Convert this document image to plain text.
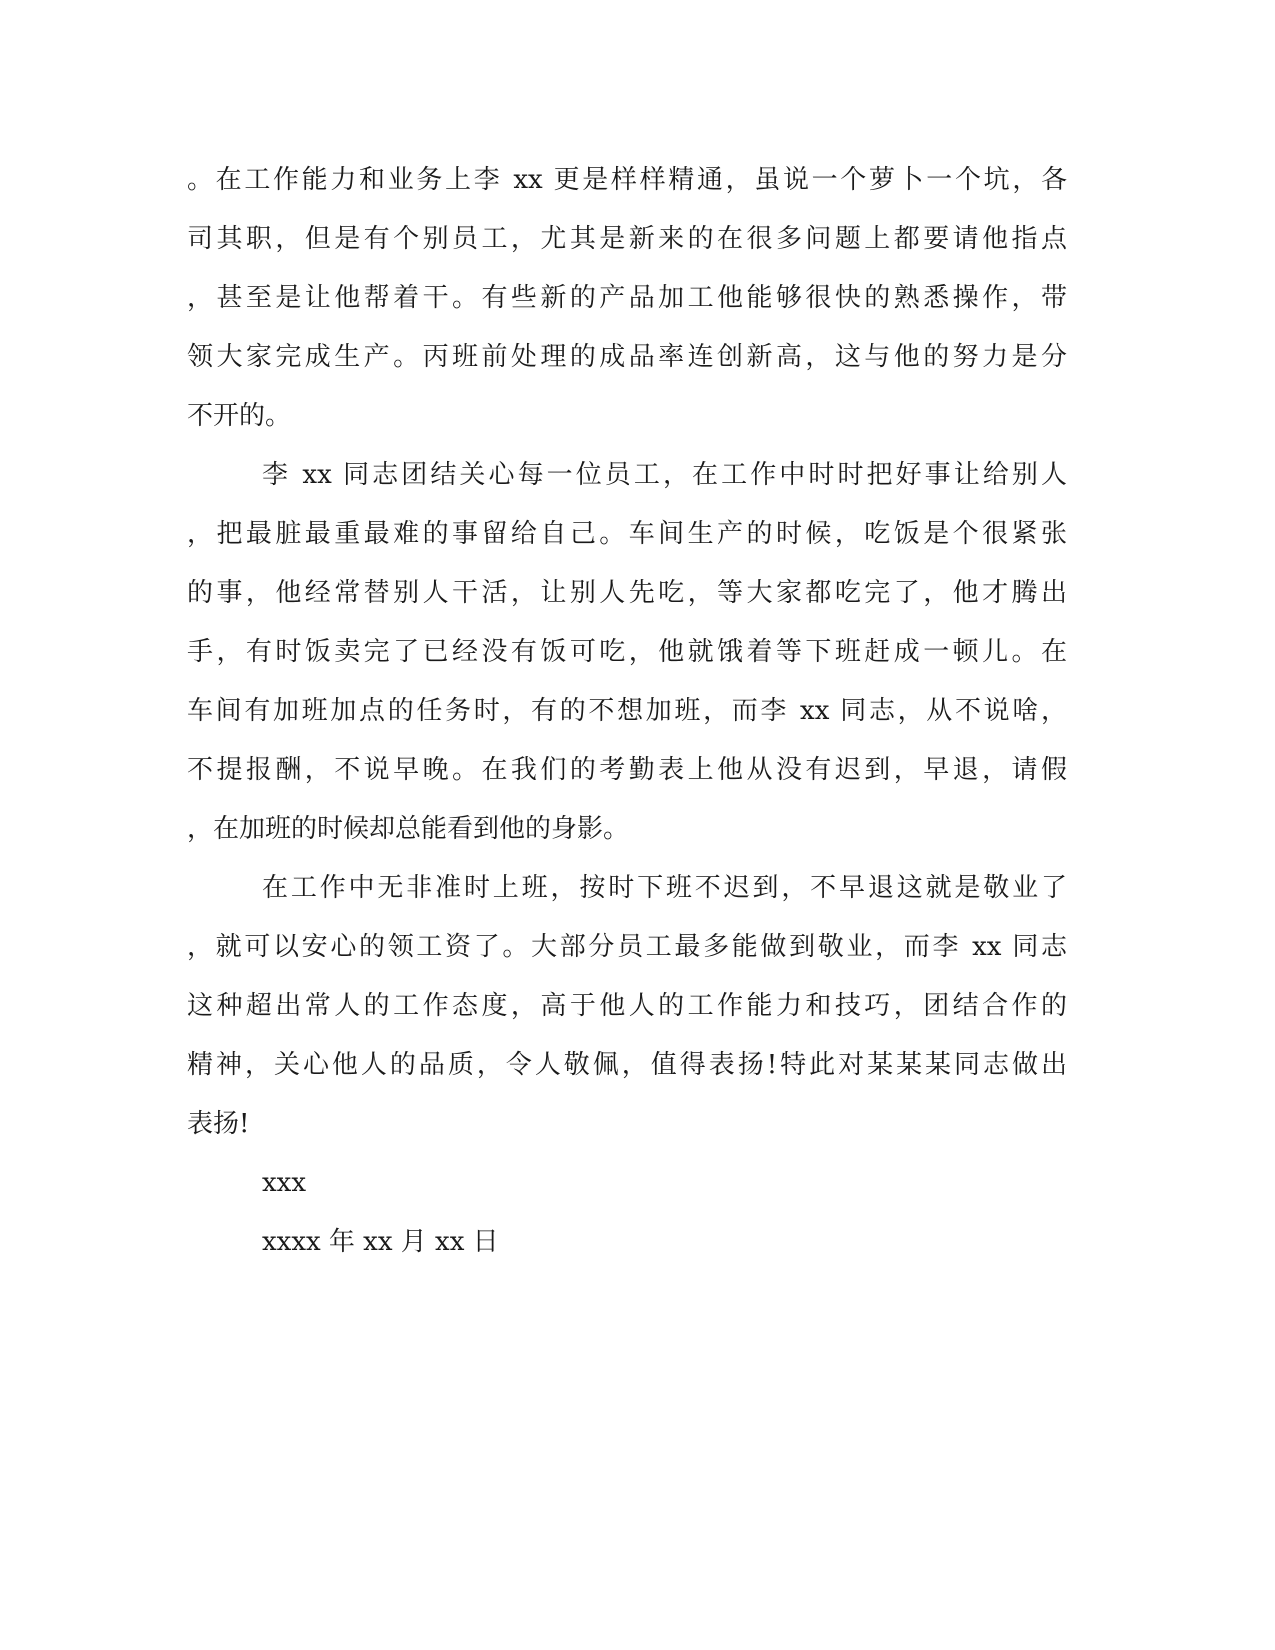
。在工作能力和业务上李 xx 更是样样精通，虽说一个萝卜一个坑，各
司其职，但是有个别员工，尤其是新来的在很多问题上都要请他指点
，甚至是让他帮着干。有些新的产品加工他能够很快的熟悉操作，带
领大家完成生产。丙班前处理的成品率连创新高，这与他的努力是分
不开的。
李 xx 同志团结关心每一位员工，在工作中时时把好事让给别人
，把最脏最重最难的事留给自己。车间生产的时候，吃饭是个很紧张
的事，他经常替别人干活，让别人先吃，等大家都吃完了，他才腾出
手，有时饭卖完了已经没有饭可吃，他就饿着等下班赶成一顿儿。在
车间有加班加点的任务时，有的不想加班，而李 xx 同志，从不说啥，
不提报酬，不说早晚。在我们的考勤表上他从没有迟到，早退，请假
，在加班的时候却总能看到他的身影。
在工作中无非准时上班，按时下班不迟到，不早退这就是敬业了
，就可以安心的领工资了。大部分员工最多能做到敬业，而李 xx 同志
这种超出常人的工作态度，高于他人的工作能力和技巧，团结合作的
精神，关心他人的品质，令人敬佩，值得表扬!特此对某某某同志做出
表扬!
xxx
xxxx 年 xx 月 xx 日
